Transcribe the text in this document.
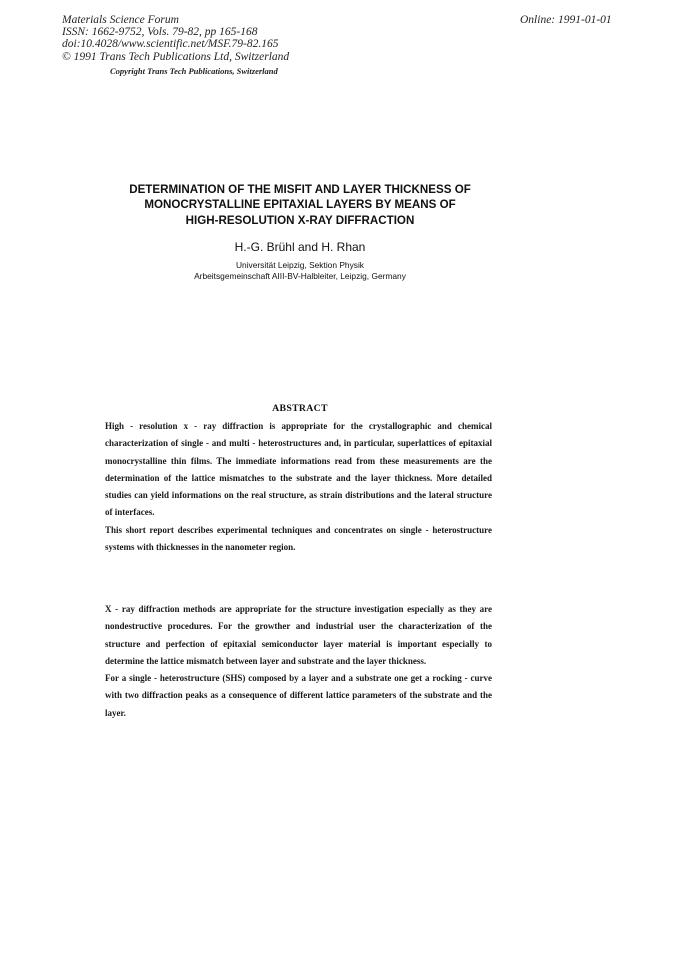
Materials Science Forum
ISSN: 1662-9752, Vols. 79-82, pp 165-168
doi:10.4028/www.scientific.net/MSF.79-82.165
© 1991 Trans Tech Publications Ltd, Switzerland
Online: 1991-01-01
Copyright Trans Tech Publications, Switzerland
DETERMINATION OF THE MISFIT AND LAYER THICKNESS OF
MONOCRYSTALLINE EPITAXIAL LAYERS BY MEANS OF
HIGH-RESOLUTION X-RAY DIFFRACTION
H.-G. Brühl and H. Rhan
Universität Leipzig, Sektion Physik
Arbeitsgemeinschaft AIII-BV-Halbleiter, Leipzig, Germany
ABSTRACT

High - resolution x - ray diffraction is appropriate for the crystallographic and chemical characterization of single - and multi - heterostructures and, in particular, superlattices of epitaxial monocrystalline thin films. The immediate informations read from these measurements are the determination of the lattice mismatches to the substrate and the layer thickness. More detailed studies can yield informations on the real structure, as strain distributions and the lateral structure of interfaces.

This short report describes experimental techniques and concentrates on single - heterostructure systems with thicknesses in the nanometer region.

X - ray diffraction methods are appropriate for the structure investigation especially as they are nondestructive procedures. For the growther and industrial user the characterization of the structure and perfection of epitaxial semiconductor layer material is important especially to determine the lattice mismatch between layer and substrate and the layer thickness.

For a single - heterostructure (SHS) composed by a layer and a substrate one get a rocking - curve with two diffraction peaks as a consequence of different lattice parameters of the substrate and the layer.
